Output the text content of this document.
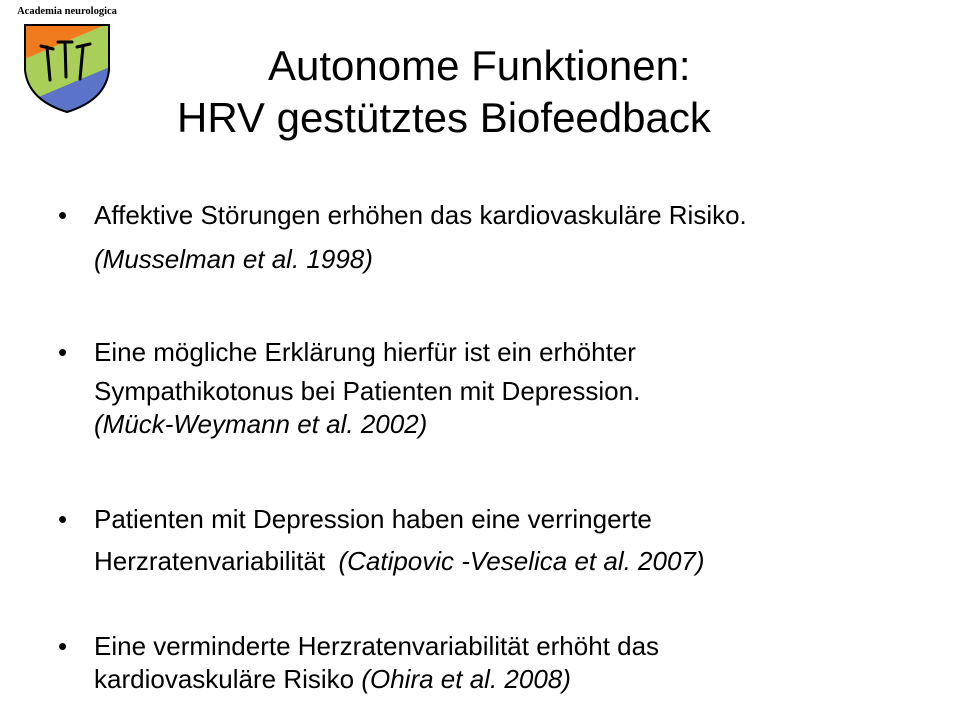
Academia neurologica
Autonome Funktionen:
HRV gestütztes Biofeedback
• Affektive Störungen erhöhen das kardiovaskuläre Risiko.
(Musselman et al. 1998)
• Eine mögliche Erklärung hierfür ist ein erhöhter
Sympathikotonus bei Patienten mit Depression.
(Mück-Weymann et al. 2002)
• Patienten mit Depression haben eine verringerte
Herzratenvariabilität (Catipovic -Veselica et al. 2007)
• Eine verminderte Herzratenvariabilität erhöht das
kardiovaskuläre Risiko (Ohira et al. 2008)
